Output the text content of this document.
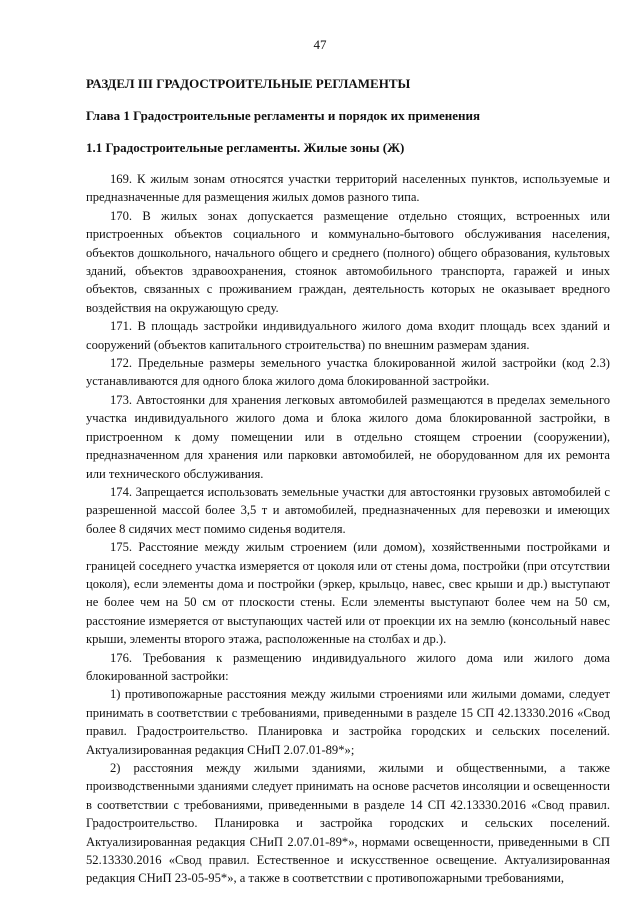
47
РАЗДЕЛ III ГРАДОСТРОИТЕЛЬНЫЕ РЕГЛАМЕНТЫ
Глава 1 Градостроительные регламенты и порядок их применения
1.1 Градостроительные регламенты. Жилые зоны (Ж)

169. К жилым зонам относятся участки территорий населенных пунктов, используемые и предназначенные для размещения жилых домов разного типа.

170. В жилых зонах допускается размещение отдельно стоящих, встроенных или пристроенных объектов социального и коммунально-бытового обслуживания населения, объектов дошкольного, начального общего и среднего (полного) общего образования, культовых зданий, объектов здравоохранения, стоянок автомобильного транспорта, гаражей и иных объектов, связанных с проживанием граждан, деятельность которых не оказывает вредного воздействия на окружающую среду.

171. В площадь застройки индивидуального жилого дома входит площадь всех зданий и сооружений (объектов капитального строительства) по внешним размерам здания.

172. Предельные размеры земельного участка блокированной жилой застройки (код 2.3) устанавливаются для одного блока жилого дома блокированной застройки.

173. Автостоянки для хранения легковых автомобилей размещаются в пределах земельного участка индивидуального жилого дома и блока жилого дома блокированной застройки, в пристроенном к дому помещении или в отдельно стоящем строении (сооружении), предназначенном для хранения или парковки автомобилей, не оборудованном для их ремонта или технического обслуживания.

174. Запрещается использовать земельные участки для автостоянки грузовых автомобилей с разрешенной массой более 3,5 т и автомобилей, предназначенных для перевозки и имеющих более 8 сидячих мест помимо сиденья водителя.

175. Расстояние между жилым строением (или домом), хозяйственными постройками и границей соседнего участка измеряется от цоколя или от стены дома, постройки (при отсутствии цоколя), если элементы дома и постройки (эркер, крыльцо, навес, свес крыши и др.) выступают не более чем на 50 см от плоскости стены. Если элементы выступают более чем на 50 см, расстояние измеряется от выступающих частей или от проекции их на землю (консольный навес крыши, элементы второго этажа, расположенные на столбах и др.).

176. Требования к размещению индивидуального жилого дома или жилого дома блокированной застройки:

1) противопожарные расстояния между жилыми строениями или жилыми домами, следует принимать в соответствии с требованиями, приведенными в разделе 15 СП 42.13330.2016 «Свод правил. Градостроительство. Планировка и застройка городских и сельских поселений. Актуализированная редакция СНиП 2.07.01-89*»;

2) расстояния между жилыми зданиями, жилыми и общественными, а также производственными зданиями следует принимать на основе расчетов инсоляции и освещенности в соответствии с требованиями, приведенными в разделе 14 СП 42.13330.2016 «Свод правил. Градостроительство. Планировка и застройка городских и сельских поселений. Актуализированная редакция СНиП 2.07.01-89*», нормами освещенности, приведенными в СП 52.13330.2016 «Свод правил. Естественное и искусственное освещение. Актуализированная редакция СНиП 23-05-95*», а также в соответствии с противопожарными требованиями,
